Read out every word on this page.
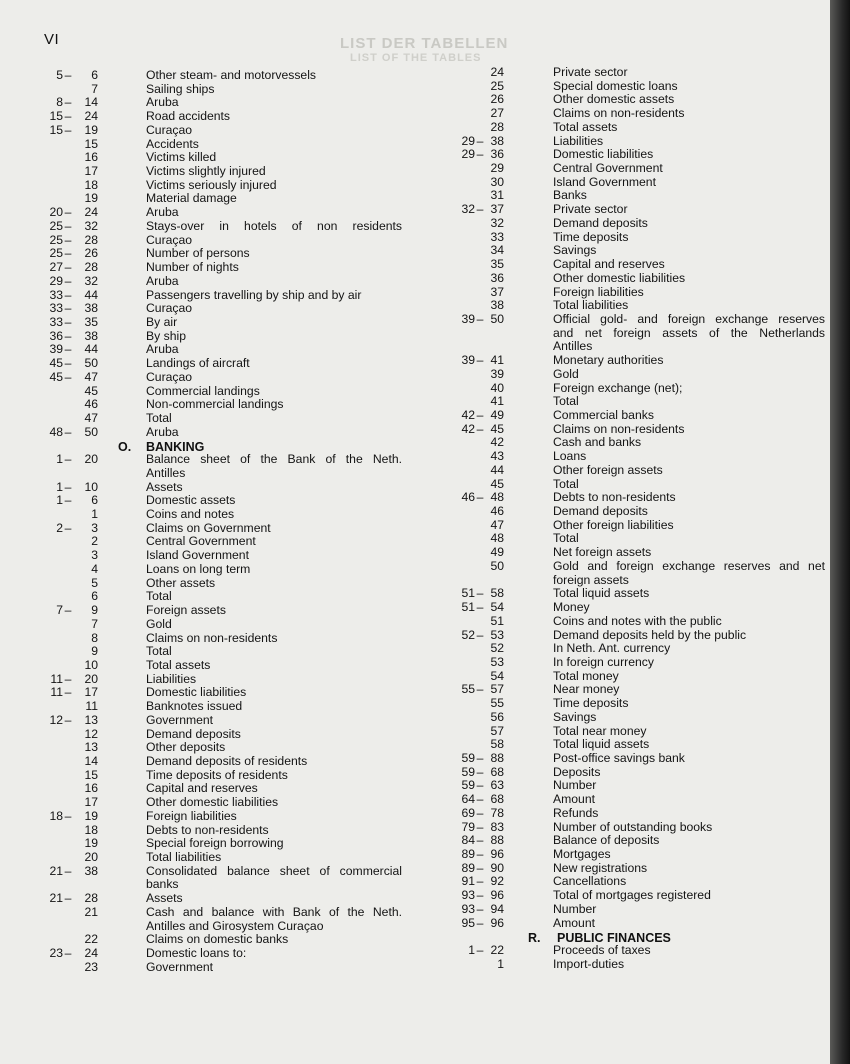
LIST DER TABELLEN
LIST OF THE TABLES
VI
5 –	6	Other steam- and motorvessels
7	Sailing ships
8 –	14	Aruba
15 –	24	Road accidents
15 –	19	Curaçao
15	Accidents
16	Victims killed
17	Victims slightly injured
18	Victims seriously injured
19	Material damage
20 –	24	Aruba
25 –	32	Stays-over in hotels of non residents
25 –	28	Curaçao
25 –	26	Number of persons
27 –	28	Number of nights
29 –	32	Aruba
33 –	44	Passengers travelling by ship and by air
33 –	38	Curaçao
33 –	35	By air
36 –	38	By ship
39 –	44	Aruba
45 –	50	Landings of aircraft
45 –	47	Curaçao
45	Commercial landings
46	Non-commercial landings
47	Total
48 –	50	Aruba
O. BANKING
1 –	20	Balance sheet of the Bank of the Neth.
Antilles
1 –	10	Assets
1 –	6	Domestic assets
1	Coins and notes
2 –	3	Claims on Government
2	Central Government
3	Island Government
4	Loans on long term
5	Other assets
6	Total
7 –	9	Foreign assets
7	Gold
8	Claims on non-residents
9	Total
10	Total assets
11 –	20	Liabilities
11 –	17	Domestic liabilities
11	Banknotes issued
12 –	13	Government
12	Demand deposits
13	Other deposits
14	Demand deposits of residents
15	Time deposits of residents
16	Capital and reserves
17	Other domestic liabilities
18 –	19	Foreign liabilities
18	Debts to non-residents
19	Special foreign borrowing
20	Total liabilities
21 –	38	Consolidated balance sheet of commercial
banks
21 –	28	Assets
21	Cash and balance with Bank of the Neth.
Antilles and Girosystem Curaçao
22	Claims on domestic banks
23 –	24	Domestic loans to:
23	Government
24	Private sector
25	Special domestic loans
26	Other domestic assets
27	Claims on non-residents
28	Total assets
29 – 38	Liabilities
29 – 36	Domestic liabilities
29	Central Government
30	Island Government
31	Banks
32 – 37	Private sector
32	Demand deposits
33	Time deposits
34	Savings
35	Capital and reserves
36	Other domestic liabilities
37	Foreign liabilities
38	Total liabilities
39 – 50	Official gold- and foreign exchange reserves
and net foreign assets of the Netherlands
Antilles
39 – 41	Monetary authorities
39	Gold
40	Foreign exchange (net);
41	Total
42 – 49	Commercial banks
42 – 45	Claims on non-residents
42	Cash and banks
43	Loans
44	Other foreign assets
45	Total
46 – 48	Debts to non-residents
46	Demand deposits
47	Other foreign liabilities
48	Total
49	Net foreign assets
50	Gold and foreign exchange reserves and net
foreign assets
51 – 58	Total liquid assets
51 – 54	Money
51	Coins and notes with the public
52 – 53	Demand deposits held by the public
52	In Neth. Ant. currency
53	In foreign currency
54	Total money
55 – 57	Near money
55	Time deposits
56	Savings
57	Total near money
58	Total liquid assets
59 – 88	Post-office savings bank
59 – 68	Deposits
59 – 63	Number
64 – 68	Amount
69 – 78	Refunds
79 – 83	Number of outstanding books
84 – 88	Balance of deposits
89 – 96	Mortgages
89 – 90	New registrations
91 – 92	Cancellations
93 – 96	Total of mortgages registered
93 – 94	Number
95 – 96	Amount
R. PUBLIC FINANCES
1 – 22	Proceeds of taxes
1	Import-duties
